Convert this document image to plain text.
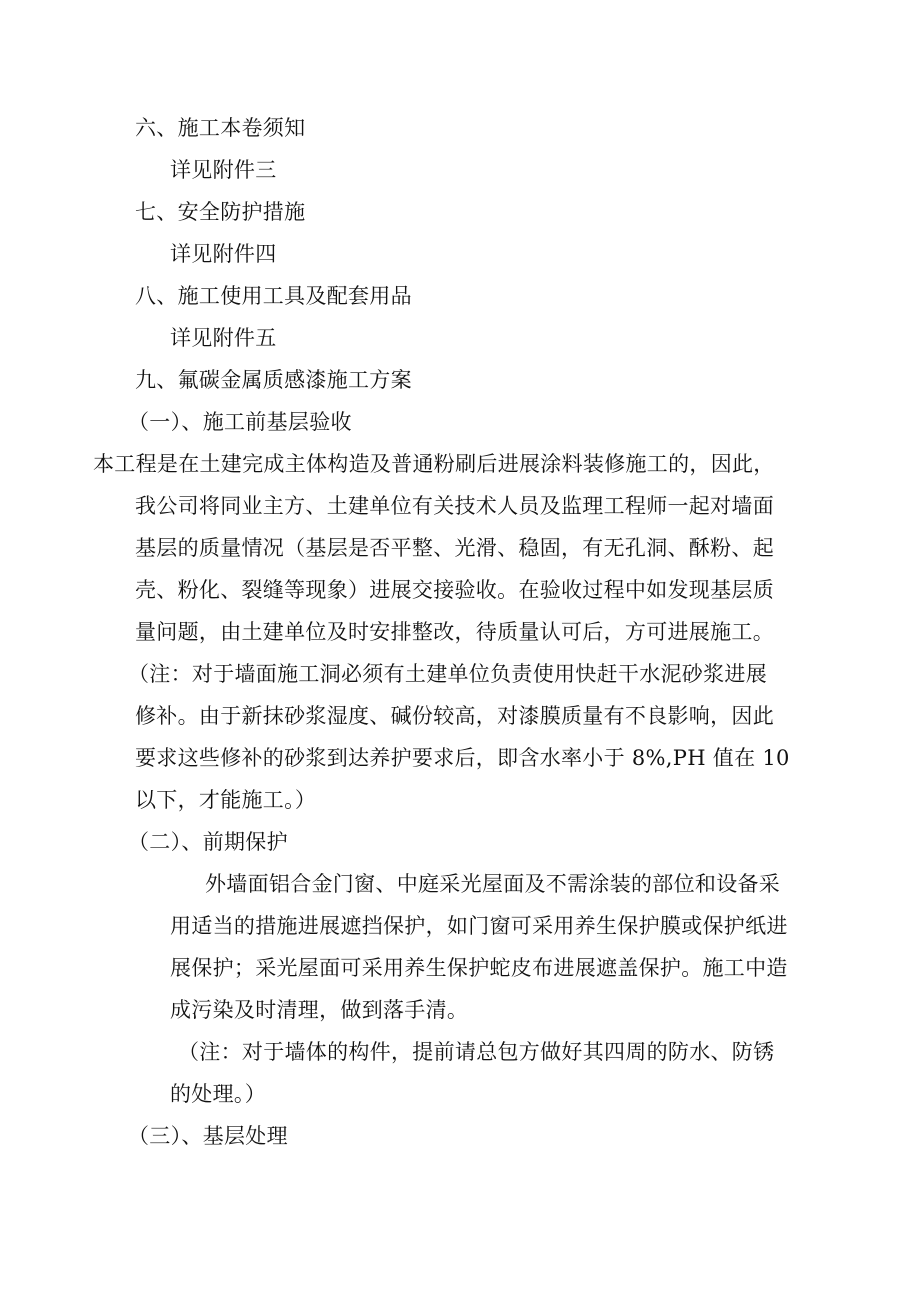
六、施工本卷须知
详见附件三
七、安全防护措施
详见附件四
八、施工使用工具及配套用品
详见附件五
九、氟碳金属质感漆施工方案
（一）、施工前基层验收
本工程是在土建完成主体构造及普通粉刷后进展涂料装修施工的，因此，
我公司将同业主方、土建单位有关技术人员及监理工程师一起对墙面
基层的质量情况（基层是否平整、光滑、稳固，有无孔洞、酥粉、起
壳、粉化、裂缝等现象）进展交接验收。在验收过程中如发现基层质
量问题，由土建单位及时安排整改，待质量认可后，方可进展施工。
（注：对于墙面施工洞必须有土建单位负责使用快赶干水泥砂浆进展
修补。由于新抹砂浆湿度、碱份较高，对漆膜质量有不良影响，因此
要求这些修补的砂浆到达养护要求后，即含水率小于 8%,PH 值在 10
以下，才能施工。）
（二）、前期保护
外墙面铝合金门窗、中庭采光屋面及不需涂装的部位和设备采
用适当的措施进展遮挡保护，如门窗可采用养生保护膜或保护纸进
展保护；采光屋面可采用养生保护蛇皮布进展遮盖保护。施工中造
成污染及时清理，做到落手清。
（注：对于墙体的构件，提前请总包方做好其四周的防水、防锈
的处理。）
（三）、基层处理
